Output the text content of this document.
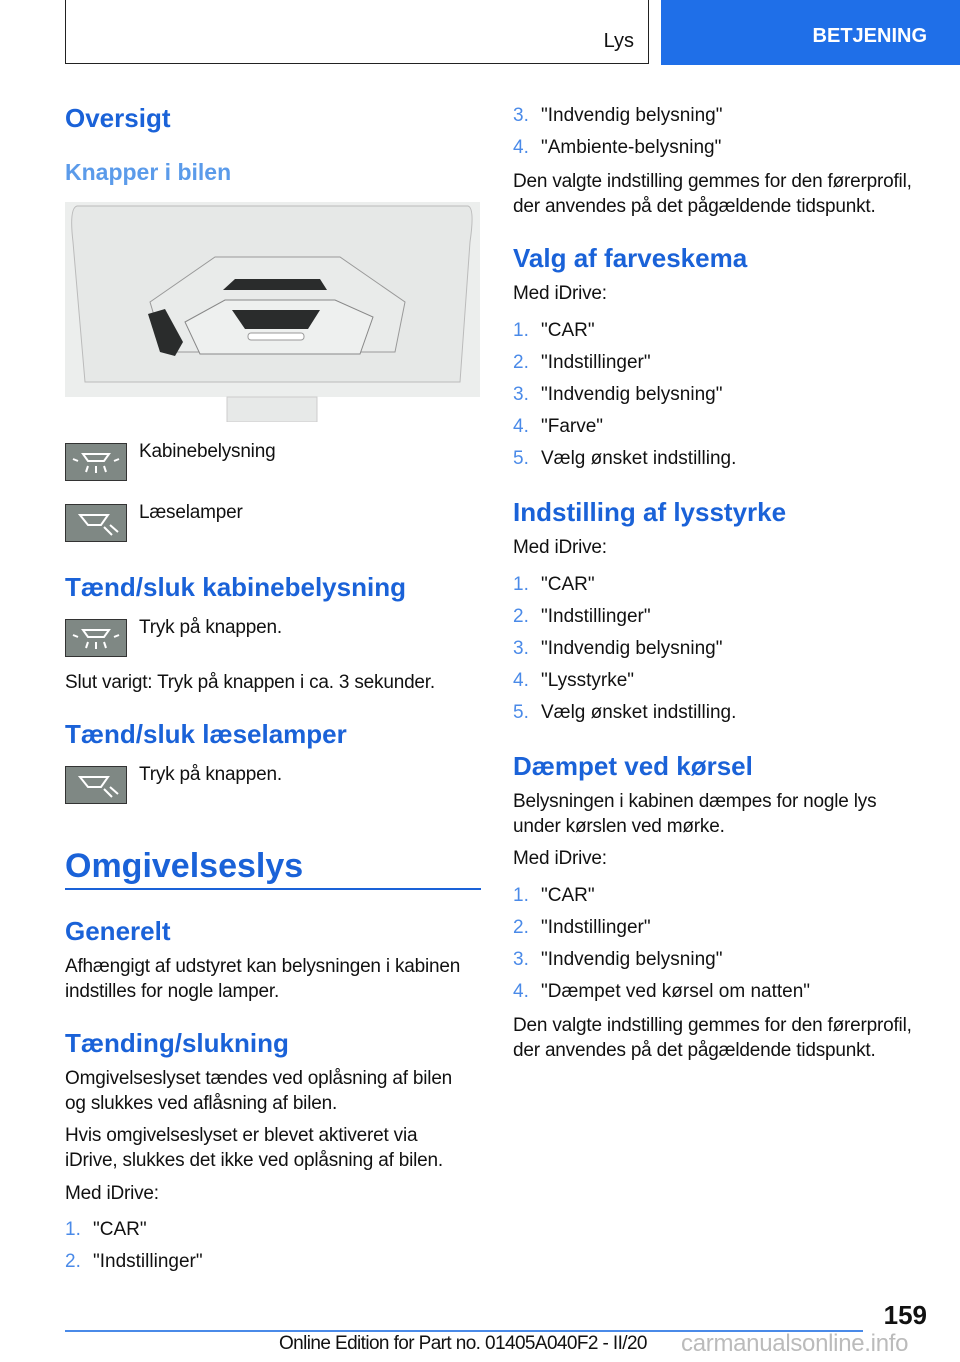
Lys	BETJENING
Oversigt
Knapper i bilen
Kabinebelysning
Læselamper
Tænd/sluk kabinebelysning
Tryk på knappen.
Slut varigt: Tryk på knappen i ca. 3 sekunder.
Tænd/sluk læselamper
Tryk på knappen.
Omgivelseslys
Generelt
Afhængigt af udstyret kan belysningen i kabinen indstilles for nogle lamper.
Tænding/slukning
Omgivelseslyset tændes ved oplåsning af bilen og slukkes ved aflåsning af bilen.
Hvis omgivelseslyset er blevet aktiveret via iDrive, slukkes det ikke ved oplåsning af bilen.
Med iDrive:
1. "CAR"
2. "Indstillinger"
3. "Indvendig belysning"
4. "Ambiente-belysning"
Den valgte indstilling gemmes for den førerprofil, der anvendes på det pågældende tidspunkt.
Valg af farveskema
Med iDrive:
1. "CAR"
2. "Indstillinger"
3. "Indvendig belysning"
4. "Farve"
5. Vælg ønsket indstilling.
Indstilling af lysstyrke
Med iDrive:
1. "CAR"
2. "Indstillinger"
3. "Indvendig belysning"
4. "Lysstyrke"
5. Vælg ønsket indstilling.
Dæmpet ved kørsel
Belysningen i kabinen dæmpes for nogle lys under kørslen ved mørke.
Med iDrive:
1. "CAR"
2. "Indstillinger"
3. "Indvendig belysning"
4. "Dæmpet ved kørsel om natten"
Den valgte indstilling gemmes for den førerprofil, der anvendes på det pågældende tidspunkt.
159
Online Edition for Part no. 01405A040F2 - II/20 carmanualsonline.info
